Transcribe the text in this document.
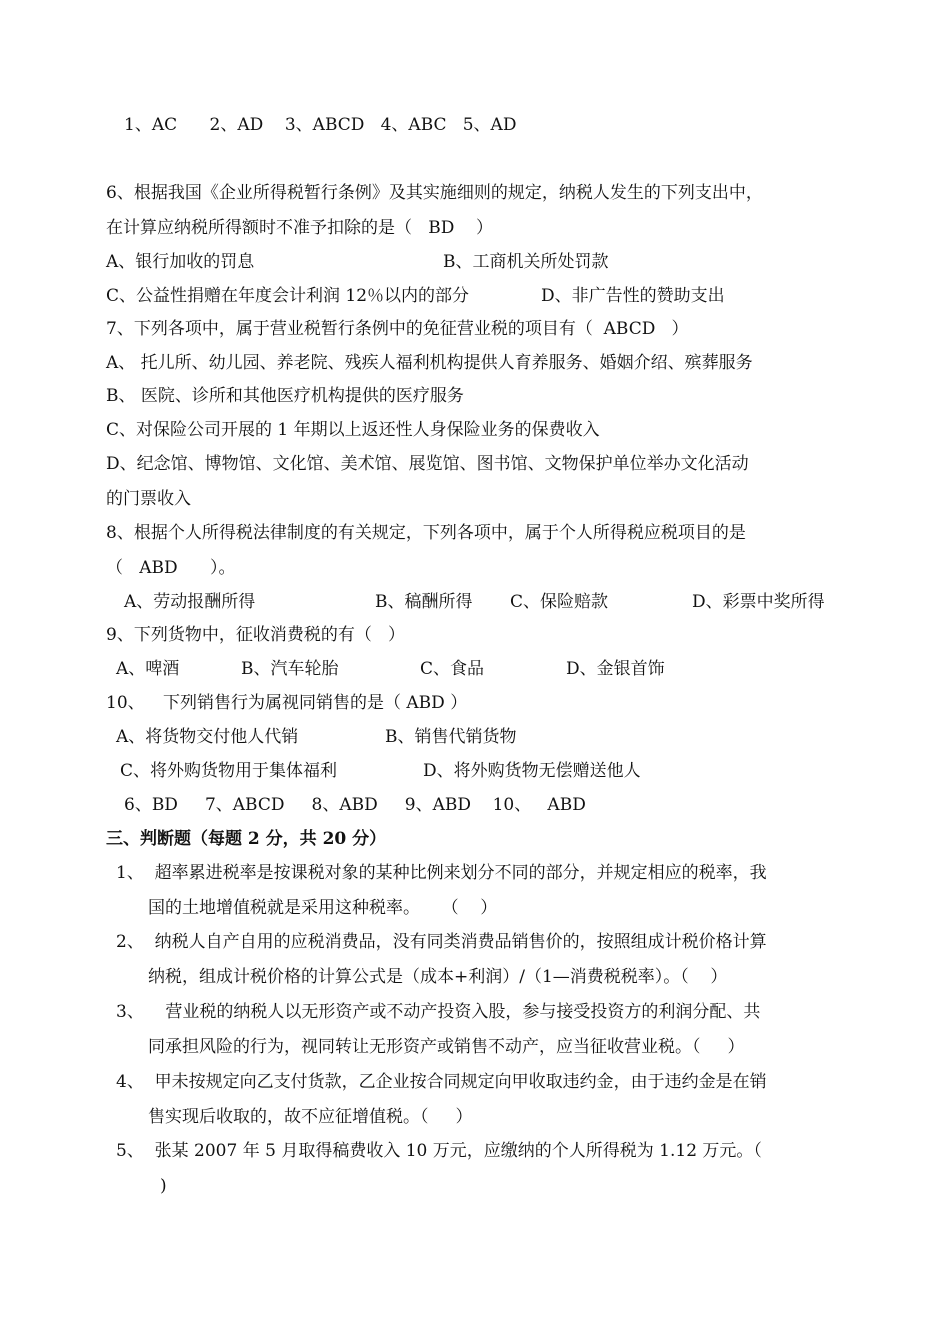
1、AC      2、AD    3、ABCD   4、ABC   5、AD
6、根据我国《企业所得税暂行条例》及其实施细则的规定，纳税人发生的下列支出中，
在计算应纳税所得额时不准予扣除的是（   BD    ）
A、银行加收的罚息	B、工商机关所处罚款
C、公益性捐赠在年度会计利润 12％以内的部分	D、非广告性的赞助支出
7、下列各项中，属于营业税暂行条例中的免征营业税的项目有（  ABCD   ）
A、 托儿所、幼儿园、养老院、残疾人福利机构提供人育养服务、婚姻介绍、殡葬服务
B、 医院、诊所和其他医疗机构提供的医疗服务
C、对保险公司开展的 1 年期以上返还性人身保险业务的保费收入
D、纪念馆、博物馆、文化馆、美术馆、展览馆、图书馆、文物保护单位举办文化活动
的门票收入
8、根据个人所得税法律制度的有关规定，下列各项中，属于个人所得税应税项目的是
（   ABD      ）。
A、劳动报酬所得	B、稿酬所得 C、保险赔款	D、彩票中奖所得
9、下列货物中，征收消费税的有（   ）
A、啤酒	B、汽车轮胎	C、食品	D、金银首饰
10、 下列销售行为属视同销售的是（ ABD ）
A、将货物交付他人代销	B、销售代销货物
C、将外购货物用于集体福利	D、将外购货物无偿赠送他人
6、BD     7、ABCD     8、ABD     9、ABD    10、   ABD
三、判断题（每题 2 分，共 20 分）
1、  超率累进税率是按课税对象的某种比例来划分不同的部分，并规定相应的税率，我
国的土地增值税就是采用这种税率。    （    ）
2、  纳税人自产自用的应税消费品，没有同类消费品销售价的，按照组成计税价格计算
纳税，组成计税价格的计算公式是（成本+利润）/（1—消费税税率）。（    ）
3、    营业税的纳税人以无形资产或不动产投资入股，参与接受投资方的利润分配、共
同承担风险的行为，视同转让无形资产或销售不动产，应当征收营业税。（     ）
4、  甲未按规定向乙支付货款，乙企业按合同规定向甲收取违约金，由于违约金是在销
售实现后收取的，故不应征增值税。（     ）
5、  张某 2007 年 5 月取得稿费收入 10 万元，应缴纳的个人所得税为 1.12 万元。（
)
